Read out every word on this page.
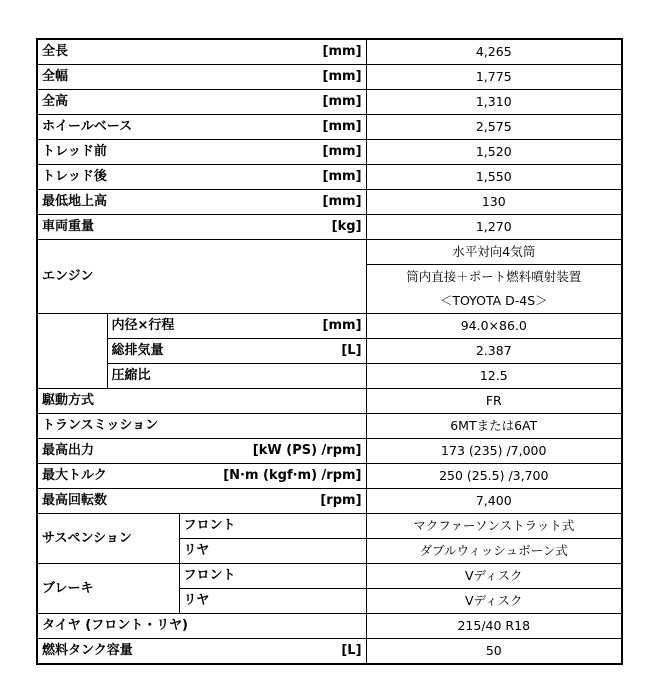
全長 [mm]			4,265
全幅 [mm]			1,775
全高 [mm]			1,310
ホイールベース [mm]			2,575
トレッド前 [mm]			1,520
トレッド後 [mm]			1,550
最低地上高 [mm]			130
車両重量 [kg]			1,270
エンジン			水平対向4気筒
			筒内直接＋ポート燃料噴射装置
			＜TOYOTA D-4S＞
	内径×行程 [mm]		94.0×86.0
	総排気量 [L]		2.387
	圧縮比		12.5
駆動方式			FR
トランスミッション			6MTまたは6AT
最高出力 [kW (PS) /rpm]			173 (235) /7,000
最大トルク [N·m (kgf·m) /rpm]			250 (25.5) /3,700
最高回転数 [rpm]			7,400
サスペンション		フロント	マクファーソンストラット式
		リヤ	ダブルウィッシュボーン式
ブレーキ		フロント	Vディスク
		リヤ	Vディスク
タイヤ (フロント・リヤ)			215/40 R18
燃料タンク容量 [L]			50
